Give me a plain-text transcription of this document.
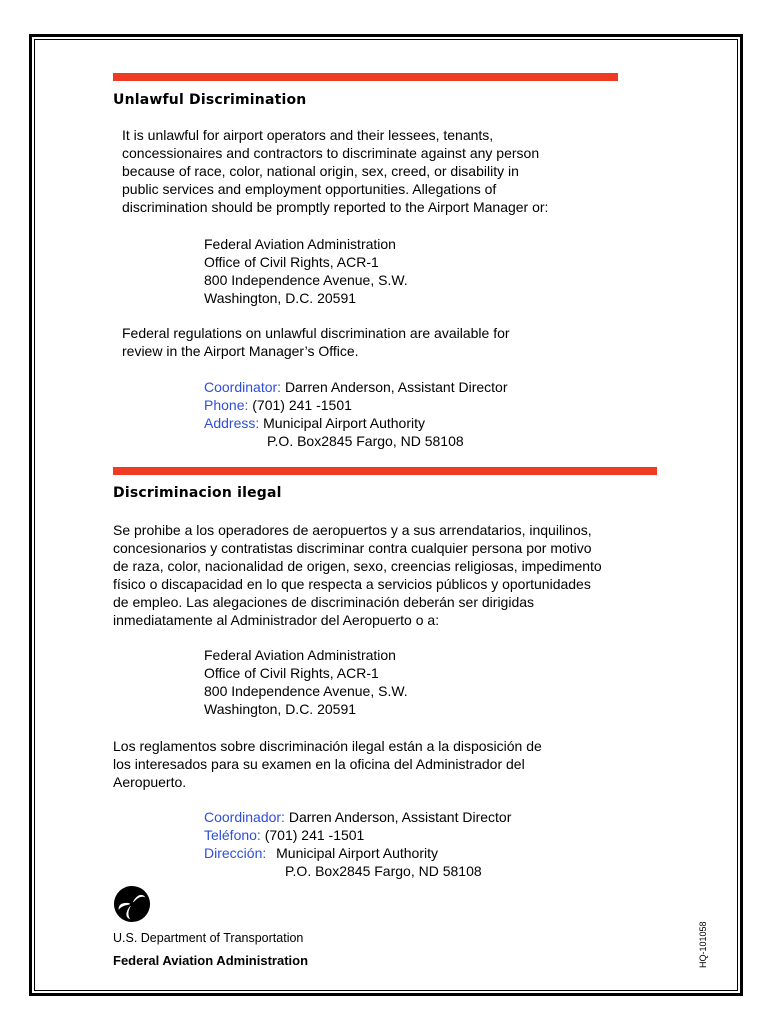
Unlawful Discrimination
It is unlawful for airport operators and their lessees, tenants,
concessionaires and contractors to discriminate against any person
because of race, color, national origin, sex, creed, or disability in
public services and employment opportunities. Allegations of
discrimination should be promptly reported to the Airport Manager or:
Federal Aviation Administration
Office of Civil Rights, ACR-1
800 Independence Avenue, S.W.
Washington, D.C. 20591
Federal regulations on unlawful discrimination are available for
review in the Airport Manager’s Office.
Coordinator: Darren Anderson, Assistant Director
Phone: (701) 241 -1501
Address: Municipal Airport Authority
P.O. Box2845 Fargo, ND 58108
Discriminacion ilegal
Se prohibe a los operadores de aeropuertos y a sus arrendatarios, inquilinos,
concesionarios y contratistas discriminar contra cualquier persona por motivo
de raza, color, nacionalidad de origen, sexo, creencias religiosas, impedimento
físico o discapacidad en lo que respecta a servicios públicos y oportunidades
de empleo. Las alegaciones de discriminación deberán ser dirigidas
inmediatamente al Administrador del Aeropuerto o a:
Federal Aviation Administration
Office of Civil Rights, ACR-1
800 Independence Avenue, S.W.
Washington, D.C. 20591
Los reglamentos sobre discriminación ilegal están a la disposición de
los interesados para su examen en la oficina del Administrador del
Aeropuerto.
Coordinador: Darren Anderson, Assistant Director
Teléfono: (701) 241 -1501
Dirección: Municipal Airport Authority
P.O. Box2845 Fargo, ND 58108
U.S. Department of Transportation
Federal Aviation Administration	HQ-101058
